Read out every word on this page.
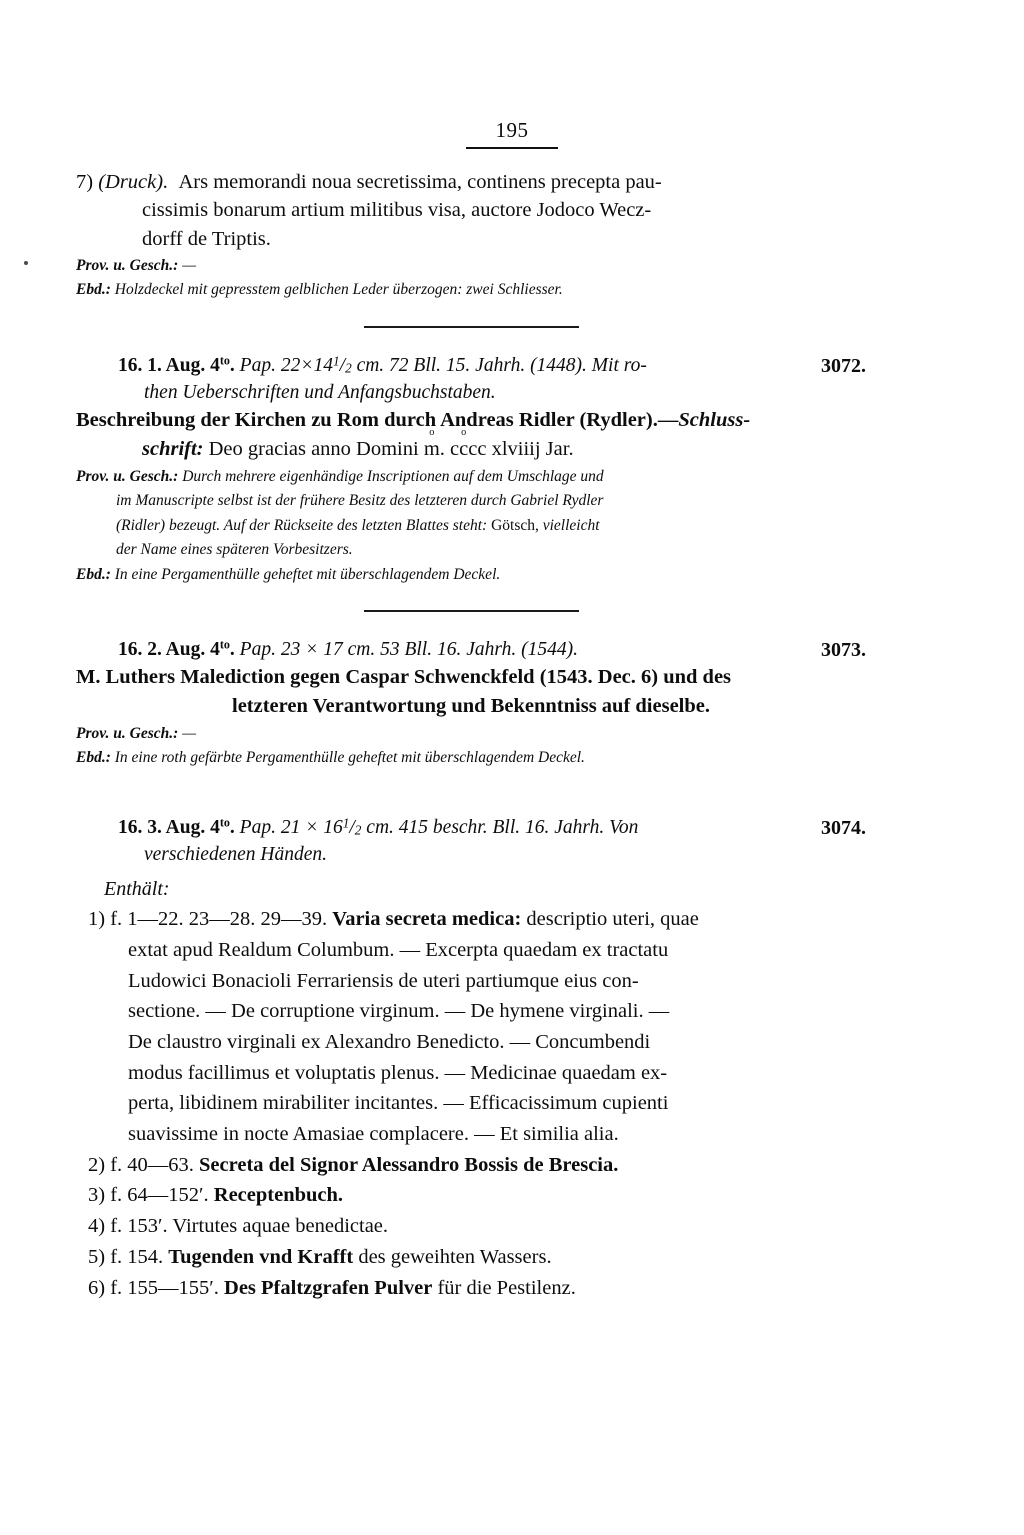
195
7) (Druck). Ars memorandi noua secretissima, continens precepta pau-
cissimis bonarum artium militibus visa, auctore Jodoco Wecz-
dorff de Triptis.
Prov. u. Gesch.: —
Ebd.: Holzdeckel mit gepresstem gelblichen Leder überzogen: zwei Schliesser.
3072.
16. 1. Aug. $4^{to}$. Pap. $22\times 14^1/2$ cm. 72 Bll. 15. Jahrh. (1448). Mit ro-
then Ueberschriften und Anfangsbuchstaben.
Beschreibung der Kirchen zu Rom durch Andreas Ridler (Rydler).—Schluss-
schrift: Deo gracias anno Domini m o. cc occ xlviiij Jar.
Prov. u. Gesch.: Durch mehrere eigenhändige Inscriptionen auf dem Umschlage und
im Manuscripte selbst ist der frühere Besitz des letzteren durch Gabriel Rydler
(Ridler) bezeugt. Auf der Rückseite des letzten Blattes steht: Götsch, vielleicht
der Name eines späteren Vorbesitzers.
Ebd.: In eine Pergamenthülle geheftet mit überschlagendem Deckel.
3073.
16. 2. Aug. $4^{to}$. Pap. 23 × 17 cm. 53 Bll. 16. Jahrh. (1544).
M. Luthers Malediction gegen Caspar Schwenckfeld (1543. Dec. 6) und des
letzteren Verantwortung und Bekenntniss auf dieselbe.
Prov. u. Gesch.: —
Ebd.: In eine roth gefärbte Pergamenthülle geheftet mit überschlagendem Deckel.
3074.
16. 3. Aug. $4^{to}$. Pap. $21 \times 16^1/2$ cm. 415 beschr. Bll. 16. Jahrh. Von
verschiedenen Händen.
Enthält:
1) f. 1—22. 23—28. 29—39. Varia secreta medica: descriptio uteri, quae
extat apud Realdum Columbum. — Excerpta quaedam ex tractatu
Ludowici Bonacioli Ferrariensis de uteri partiumque eius con-
sectione. — De corruptione virginum. — De hymene virginali. —
De claustro virginali ex Alexandro Benedicto. — Concumbendi
modus facillimus et voluptatis plenus. — Medicinae quaedam ex-
perta, libidinem mirabiliter incitantes. — Efficacissimum cupienti
suavissime in nocte Amasiae complacere. — Et similia alia.
2) f. 40—63. Secreta del Signor Alessandro Bossis de Brescia.
3) f. 64—152′. Receptenbuch.
4) f. 153′. Virtutes aquae benedictae.
5) f. 154. Tugenden vnd Krafft des geweihten Wassers.
6) f. 155—155′. Des Pfaltzgrafen Pulver für die Pestilenz.
